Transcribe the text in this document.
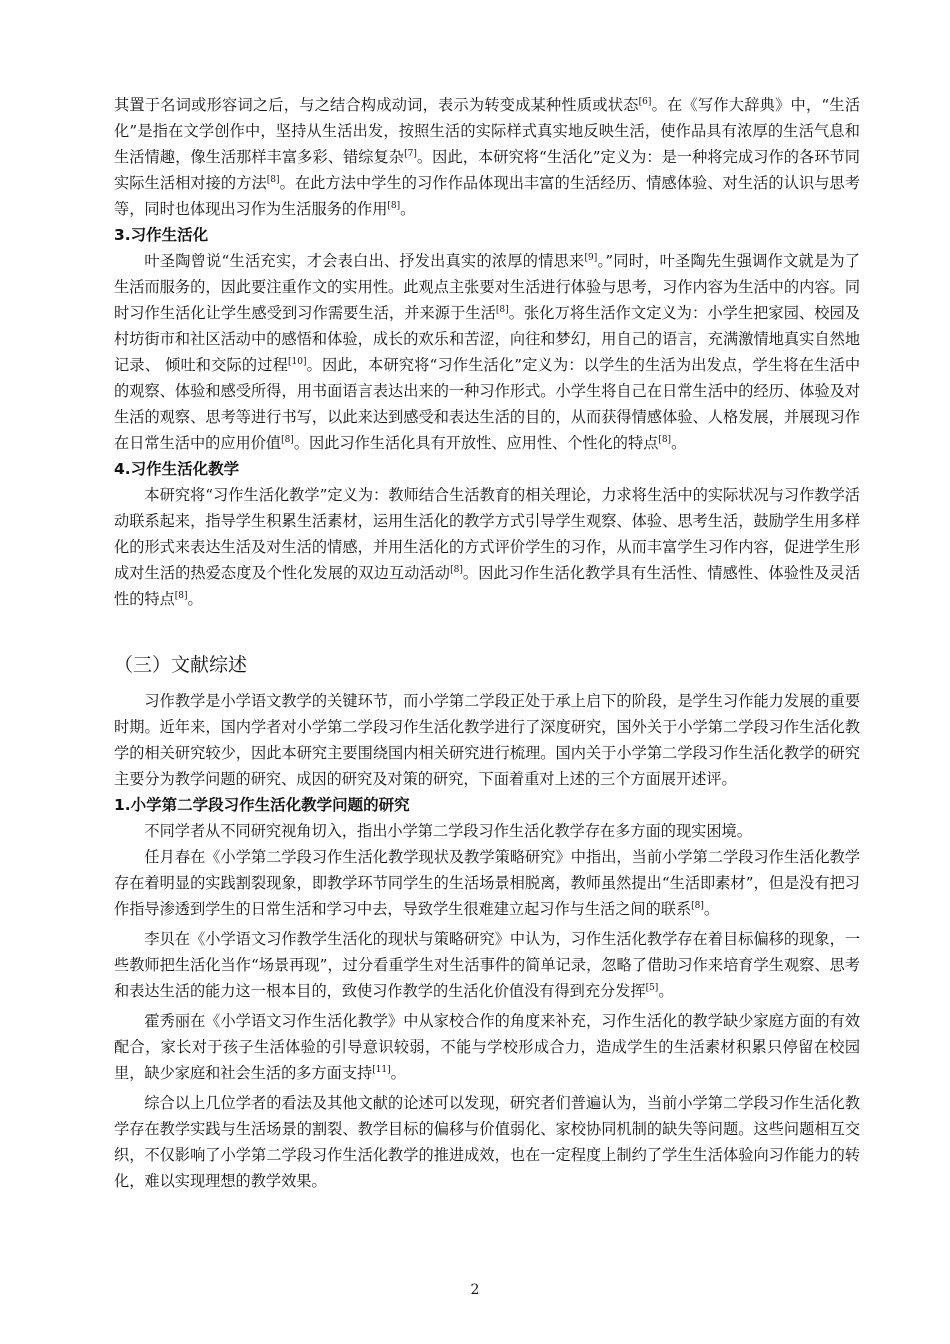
其置于名词或形容词之后，与之结合构成动词，表示为转变成某种性质或状态[6]。在《写作大辞典》中，“生活化”是指在文学创作中，坚持从生活出发，按照生活的实际样式真实地反映生活，使作品具有浓厚的生活气息和生活情趣，像生活那样丰富多彩、错综复杂[7]。因此，本研究将“生活化”定义为：是一种将完成习作的各环节同实际生活相对接的方法[8]。在此方法中学生的习作作品体现出丰富的生活经历、情感体验、对生活的认识与思考等，同时也体现出习作为生活服务的作用[8]。

3.习作生活化

叶圣陶曾说“生活充实，才会表白出、抒发出真实的浓厚的情思来[9]。”同时，叶圣陶先生强调作文就是为了生活而服务的，因此要注重作文的实用性。此观点主张要对生活进行体验与思考，习作内容为生活中的内容。同时习作生活化让学生感受到习作需要生活，并来源于生活[8]。张化万将生活作文定义为：小学生把家园、校园及村坊街市和社区活动中的感悟和体验，成长的欢乐和苦涩，向往和梦幻，用自己的语言，充满激情地真实自然地记录、 倾吐和交际的过程[10]。因此，本研究将“习作生活化”定义为：以学生的生活为出发点，学生将在生活中的观察、体验和感受所得，用书面语言表达出来的一种习作形式。小学生将自己在日常生活中的经历、体验及对生活的观察、思考等进行书写，以此来达到感受和表达生活的目的，从而获得情感体验、人格发展，并展现习作在日常生活中的应用价值[8]。因此习作生活化具有开放性、应用性、个性化的特点[8]。

4.习作生活化教学

本研究将“习作生活化教学”定义为：教师结合生活教育的相关理论，力求将生活中的实际状况与习作教学活动联系起来，指导学生积累生活素材，运用生活化的教学方式引导学生观察、体验、思考生活，鼓励学生用多样化的形式来表达生活及对生活的情感，并用生活化的方式评价学生的习作，从而丰富学生习作内容，促进学生形成对生活的热爱态度及个性化发展的双边互动活动[8]。因此习作生活化教学具有生活性、情感性、体验性及灵活性的特点[8]。

（三）文献综述

习作教学是小学语文教学的关键环节，而小学第二学段正处于承上启下的阶段，是学生习作能力发展的重要时期。近年来，国内学者对小学第二学段习作生活化教学进行了深度研究，国外关于小学第二学段习作生活化教学的相关研究较少，因此本研究主要围绕国内相关研究进行梳理。国内关于小学第二学段习作生活化教学的研究主要分为教学问题的研究、成因的研究及对策的研究，下面着重对上述的三个方面展开述评。

1.小学第二学段习作生活化教学问题的研究

不同学者从不同研究视角切入，指出小学第二学段习作生活化教学存在多方面的现实困境。

任月春在《小学第二学段习作生活化教学现状及教学策略研究》中指出，当前小学第二学段习作生活化教学存在着明显的实践割裂现象，即教学环节同学生的生活场景相脱离，教师虽然提出“生活即素材”，但是没有把习作指导渗透到学生的日常生活和学习中去，导致学生很难建立起习作与生活之间的联系[8]。

李贝在《小学语文习作教学生活化的现状与策略研究》中认为，习作生活化教学存在着目标偏移的现象，一些教师把生活化当作“场景再现”，过分看重学生对生活事件的简单记录，忽略了借助习作来培育学生观察、思考和表达生活的能力这一根本目的，致使习作教学的生活化价值没有得到充分发挥[5]。

霍秀丽在《小学语文习作生活化教学》中从家校合作的角度来补充，习作生活化的教学缺少家庭方面的有效配合，家长对于孩子生活体验的引导意识较弱，不能与学校形成合力，造成学生的生活素材积累只停留在校园里，缺少家庭和社会生活的多方面支持[11]。

综合以上几位学者的看法及其他文献的论述可以发现，研究者们普遍认为，当前小学第二学段习作生活化教学存在教学实践与生活场景的割裂、教学目标的偏移与价值弱化、家校协同机制的缺失等问题。这些问题相互交织，不仅影响了小学第二学段习作生活化教学的推进成效，也在一定程度上制约了学生生活体验向习作能力的转化，难以实现理想的教学效果。

2
